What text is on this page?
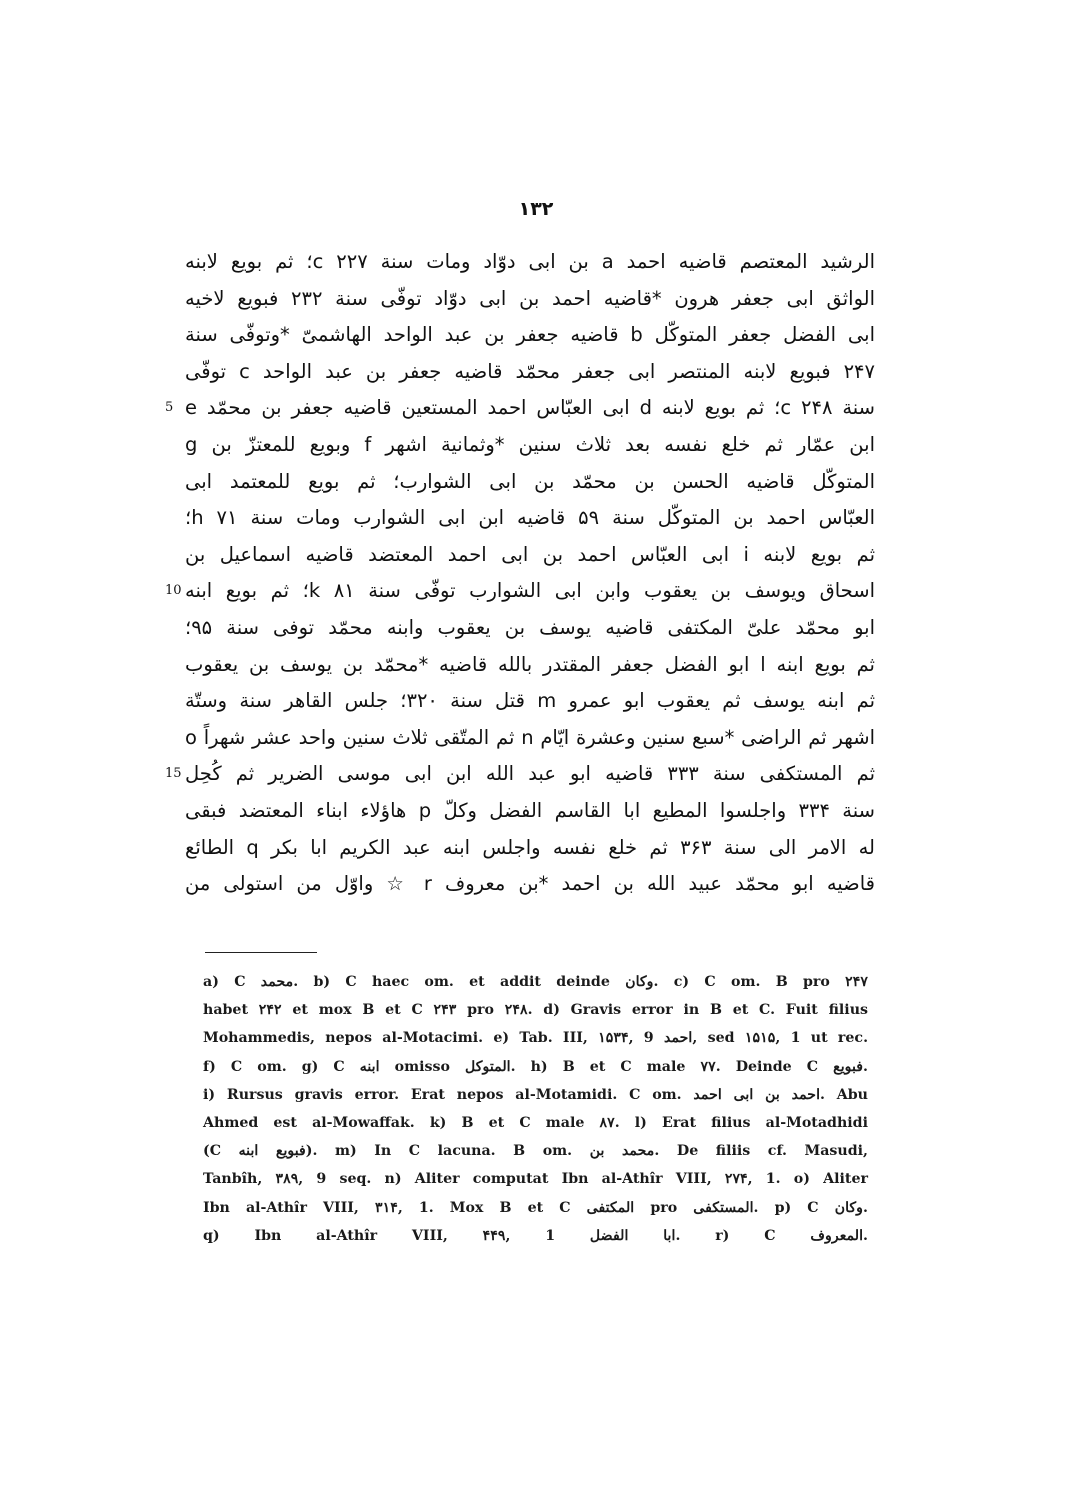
۱۳۲
الرشيد المعتصم قاضيه احمد a بن ابى دوّاد ومات سنة ۲۲۷ c؛ ثم بويع لابنه
الواثق ابى جعفر هرون *قاضيه احمد بن ابى دوّاد توفّى سنة ۲۳۲ فبويع لاخيه
ابى الفضل جعفر المتوكّل b قاضيه جعفر بن عبد الواحد الهاشمىّ *وتوفّى سنة
۲۴۷ فبويع لابنه المنتصر ابى جعفر محمّد قاضيه جعفر بن عبد الواحد c توفّى
5 سنة ۲۴۸ c؛ ثم بويع لابنه d ابى العبّاس احمد المستعين قاضيه جعفر بن محمّد e
ابن عمّار ثم خلع نفسه بعد ثلاث سنين *وثمانية اشهر f وبويع للمعتزّ بن g
المتوكّل قاضيه الحسن بن محمّد بن ابى الشوارب؛ ثم بويع للمعتمد ابى
العبّاس احمد بن المتوكّل سنة ۵۹ قاضيه ابن ابى الشوارب ومات سنة ۷۱ h؛
ثم بويع لابنه i ابى العبّاس احمد بن ابى احمد المعتضد قاضيه اسماعيل بن
10 اسحاق ويوسف بن يعقوب وابن ابى الشوارب توفّى سنة ۸۱ k؛ ثم بويع ابنه
ابو محمّد علىّ المكتفى قاضيه يوسف بن يعقوب وابنه محمّد توفى سنة ۹۵؛
ثم بويع ابنه l ابو الفضل جعفر المقتدر بالله قاضيه *محمّد بن يوسف بن يعقوب
ثم ابنه يوسف ثم يعقوب ابو عمرو m قتل سنة ۳۲۰؛ جلس القاهر سنة وستّة
اشهر ثم الراضى *سبع سنين وعشرة ايّام n ثم المتّقى ثلاث سنين واحد عشر شهراً o
15 ثم المستكفى سنة ۳۳۳ قاضيه ابو عبد الله ابن ابى موسى الضرير ثم كُحِل
سنة ۳۳۴ واجلسوا المطيع ابا القاسم الفضل وكلّ p هاؤلاء ابناء المعتضد فبقى
له الامر الى سنة ۳۶۳ ثم خلع نفسه واجلس ابنه عبد الكريم ابا بكر q الطائع
قاضيه ابو محمّد عبيد الله بن احمد *بن معروف r ☆ واوّل من استولى من
a) C محمد. b) C haec om. et addit deinde وكان. c) C om. B pro ۲۴۷
habet ۲۴۲ et mox B et C ۲۴۳ pro ۲۴۸. d) Gravis error in B et C. Fuit filius
Mohammedis, nepos al-Motacimi. e) Tab. III, ۱۵۳۴, 9 احمد, sed ۱۵۱۵, 1 ut rec.
f) C om. g) C ابنه omisso المتوكل. h) B et C male ۷۷. Deinde C فبويع.
i) Rursus gravis error. Erat nepos al-Motamidi. C om. احمد بن ابى احمد. Abu
Ahmed est al-Mowaffak. k) B et C male ۸۷. l) Erat filius al-Motadhidi
(C فبويع ابنه). m) In C lacuna. B om. محمد بن. De filiis cf. Masudi,
Tanbîh, ۳۸۹, 9 seq. n) Aliter computat Ibn al-Athîr VIII, ۲۷۴, 1. o) Aliter
Ibn al-Athîr VIII, ۳۱۴, 1. Mox B et C المكتفى pro المستكفى. p) C وكان.
q) Ibn al-Athîr VIII, ۴۴۹, 1 ابا الفضل. r) C المعروف.
